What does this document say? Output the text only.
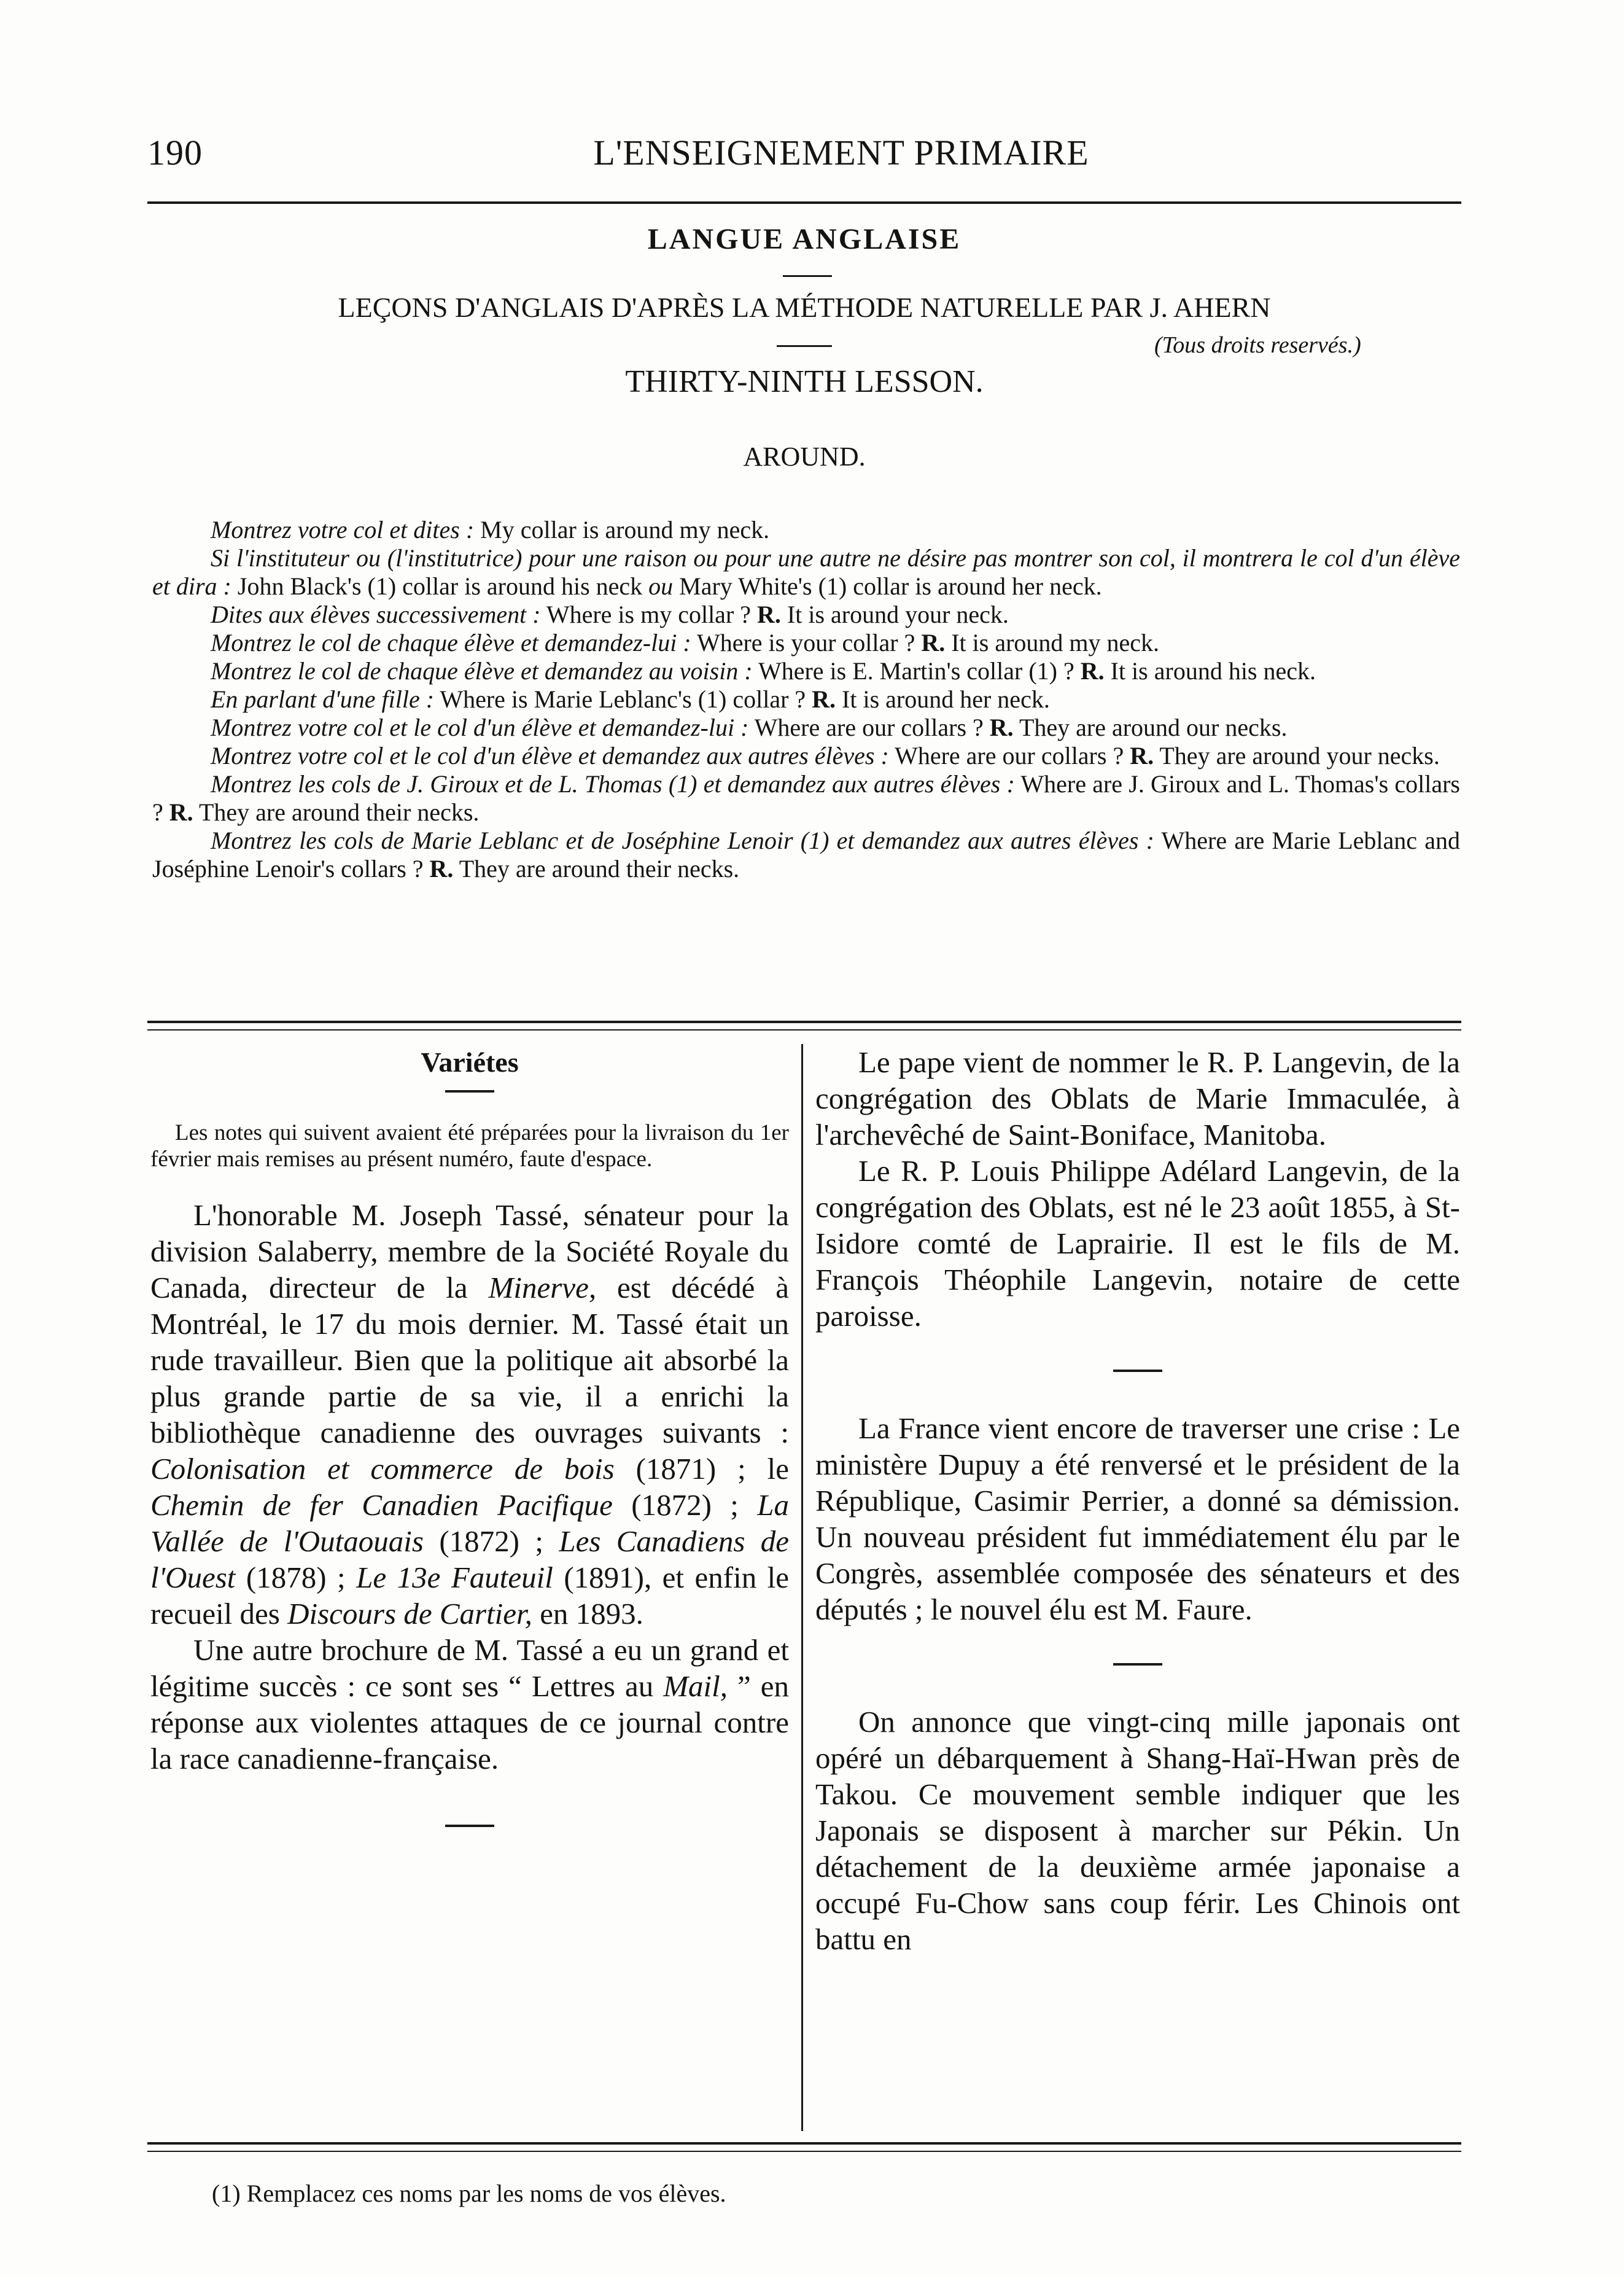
190	L'ENSEIGNEMENT PRIMAIRE
LANGUE ANGLAISE
LEÇONS D'ANGLAIS D'APRÈS LA MÉTHODE NATURELLE PAR J. AHERN
(Tous droits reservés.)
THIRTY-NINTH LESSON.
AROUND.

Montrez votre col et dites : My collar is around my neck.

Si l'instituteur ou (l'institutrice) pour une raison ou pour une autre ne désire pas montrer son col, il montrera le col d'un élève et dira : John Black's (1) collar is around his neck ou Mary White's (1) collar is around her neck.

Dites aux élèves successivement : Where is my collar ? R. It is around your neck.

Montrez le col de chaque élève et demandez-lui : Where is your collar ? R. It is around my neck.

Montrez le col de chaque élève et demandez au voisin : Where is E. Martin's collar (1) ? R. It is around his neck.

En parlant d'une fille : Where is Marie Leblanc's (1) collar ? R. It is around her neck.

Montrez votre col et le col d'un élève et demandez-lui : Where are our collars ? R. They are around our necks.

Montrez votre col et le col d'un élève et demandez aux autres élèves : Where are our collars ? R. They are around your necks.

Montrez les cols de J. Giroux et de L. Thomas (1) et demandez aux autres élèves : Where are J. Giroux and L. Thomas's collars ? R. They are around their necks.

Montrez les cols de Marie Leblanc et de Joséphine Lenoir (1) et demandez aux autres élèves : Where are Marie Leblanc and Joséphine Lenoir's collars ? R. They are around their necks.

Variétes

Les notes qui suivent avaient été préparées pour la livraison du 1er février mais remises au présent numéro, faute d'espace.

L'honorable M. Joseph Tassé, sénateur pour la division Salaberry, membre de la Société Royale du Canada, directeur de la Minerve, est décédé à Montréal, le 17 du mois dernier. M. Tassé était un rude travailleur. Bien que la politique ait absorbé la plus grande partie de sa vie, il a enrichi la bibliothèque canadienne des ouvrages suivants : Colonisation et commerce de bois (1871) ; le Chemin de fer Canadien Pacifique (1872) ; La Vallée de l'Outaouais (1872) ; Les Canadiens de l'Ouest (1878) ; Le 13e Fauteuil (1891), et enfin le recueil des Discours de Cartier, en 1893.

Une autre brochure de M. Tassé a eu un grand et légitime succès : ce sont ses “ Lettres au Mail, ” en réponse aux violentes attaques de ce journal contre la race canadienne-française.

Le pape vient de nommer le R. P. Langevin, de la congrégation des Oblats de Marie Immaculée, à l'archevêché de Saint-Boniface, Manitoba.

Le R. P. Louis Philippe Adélard Langevin, de la congrégation des Oblats, est né le 23 août 1855, à St-Isidore comté de Laprairie. Il est le fils de M. François Théophile Langevin, notaire de cette paroisse.

La France vient encore de traverser une crise : Le ministère Dupuy a été renversé et le président de la République, Casimir Perrier, a donné sa démission. Un nouveau président fut immédiatement élu par le Congrès, assemblée composée des sénateurs et des députés ; le nouvel élu est M. Faure.

On annonce que vingt-cinq mille japonais ont opéré un débarquement à Shang-Haï-Hwan près de Takou. Ce mouvement semble indiquer que les Japonais se disposent à marcher sur Pékin. Un détachement de la deuxième armée japonaise a occupé Fu-Chow sans coup férir. Les Chinois ont battu en

(1) Remplacez ces noms par les noms de vos élèves.
